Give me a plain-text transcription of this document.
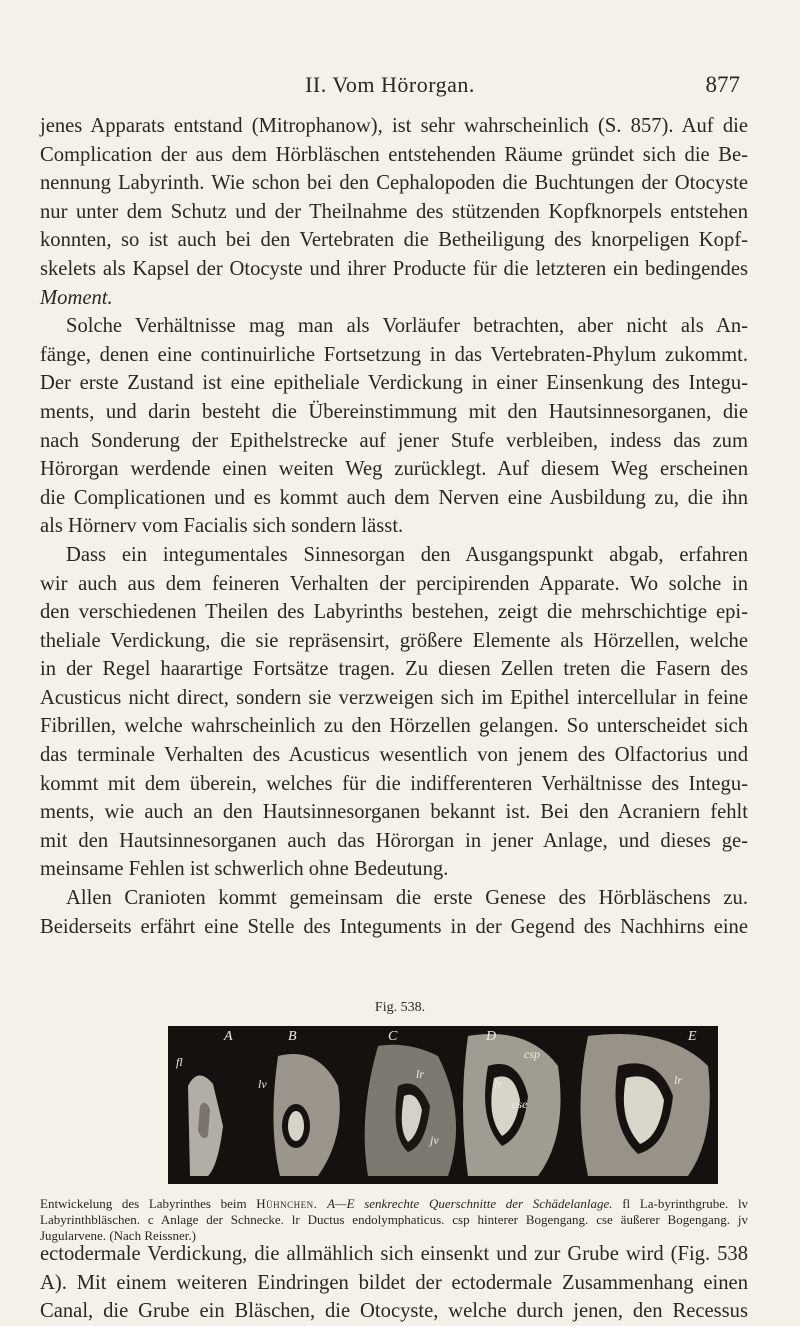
II. Vom Hörorgan.	877
jenes Apparats entstand (Mitrophanow), ist sehr wahrscheinlich (S. 857). Auf die
Complication der aus dem Hörbläschen entstehenden Räume gründet sich die Be-
nennung Labyrinth. Wie schon bei den Cephalopoden die Buchtungen der Otocyste
nur unter dem Schutz und der Theilnahme des stützenden Kopfknorpels entstehen
konnten, so ist auch bei den Vertebraten die Betheiligung des knorpeligen Kopf-
skelets als Kapsel der Otocyste und ihrer Producte für die letzteren ein bedingendes
Moment.
Solche Verhältnisse mag man als Vorläufer betrachten, aber nicht als An-
fänge, denen eine continuirliche Fortsetzung in das Vertebraten-Phylum zukommt.
Der erste Zustand ist eine epitheliale Verdickung in einer Einsenkung des Integu-
ments, und darin besteht die Übereinstimmung mit den Hautsinnesorganen, die
nach Sonderung der Epithelstrecke auf jener Stufe verbleiben, indess das zum
Hörorgan werdende einen weiten Weg zurücklegt. Auf diesem Weg erscheinen
die Complicationen und es kommt auch dem Nerven eine Ausbildung zu, die ihn
als Hörnerv vom Facialis sich sondern lässt.
Dass ein integumentales Sinnesorgan den Ausgangspunkt abgab, erfahren
wir auch aus dem feineren Verhalten der percipirenden Apparate. Wo solche in
den verschiedenen Theilen des Labyrinths bestehen, zeigt die mehrschichtige epi-
theliale Verdickung, die sie repräsensirt, größere Elemente als Hörzellen, welche
in der Regel haarartige Fortsätze tragen. Zu diesen Zellen treten die Fasern des
Acusticus nicht direct, sondern sie verzweigen sich im Epithel intercellular in feine
Fibrillen, welche wahrscheinlich zu den Hörzellen gelangen. So unterscheidet sich
das terminale Verhalten des Acusticus wesentlich von jenem des Olfactorius und
kommt mit dem überein, welches für die indifferenteren Verhältnisse des Integu-
ments, wie auch an den Hautsinnesorganen bekannt ist. Bei den Acraniern fehlt
mit den Hautsinnesorganen auch das Hörorgan in jener Anlage, und dieses ge-
meinsame Fehlen ist schwerlich ohne Bedeutung.
Allen Cranioten kommt gemeinsam die erste Genese des Hörbläschens zu.
Beiderseits erfährt eine Stelle des Integuments in der Gegend des Nachhirns eine
Fig. 538.
A	B	C	D	E
fl
lv
lr
jv
csp
lr
cse
lr
Entwickelung des Labyrinthes beim Hühnchen. A—E senkrechte Querschnitte der Schädelanlage. fl La-byrinthgrube. lv Labyrinthbläschen. c Anlage der Schnecke. lr Ductus endolymphaticus. csp hinterer Bogengang. cse äußerer Bogengang. jv Jugularvene. (Nach Reissner.)
ectodermale Verdickung, die allmählich sich einsenkt und zur Grube wird (Fig. 538
A). Mit einem weiteren Eindringen bildet der ectodermale Zusammenhang einen
Canal, die Grube ein Bläschen, die Otocyste, welche durch jenen, den Recessus
